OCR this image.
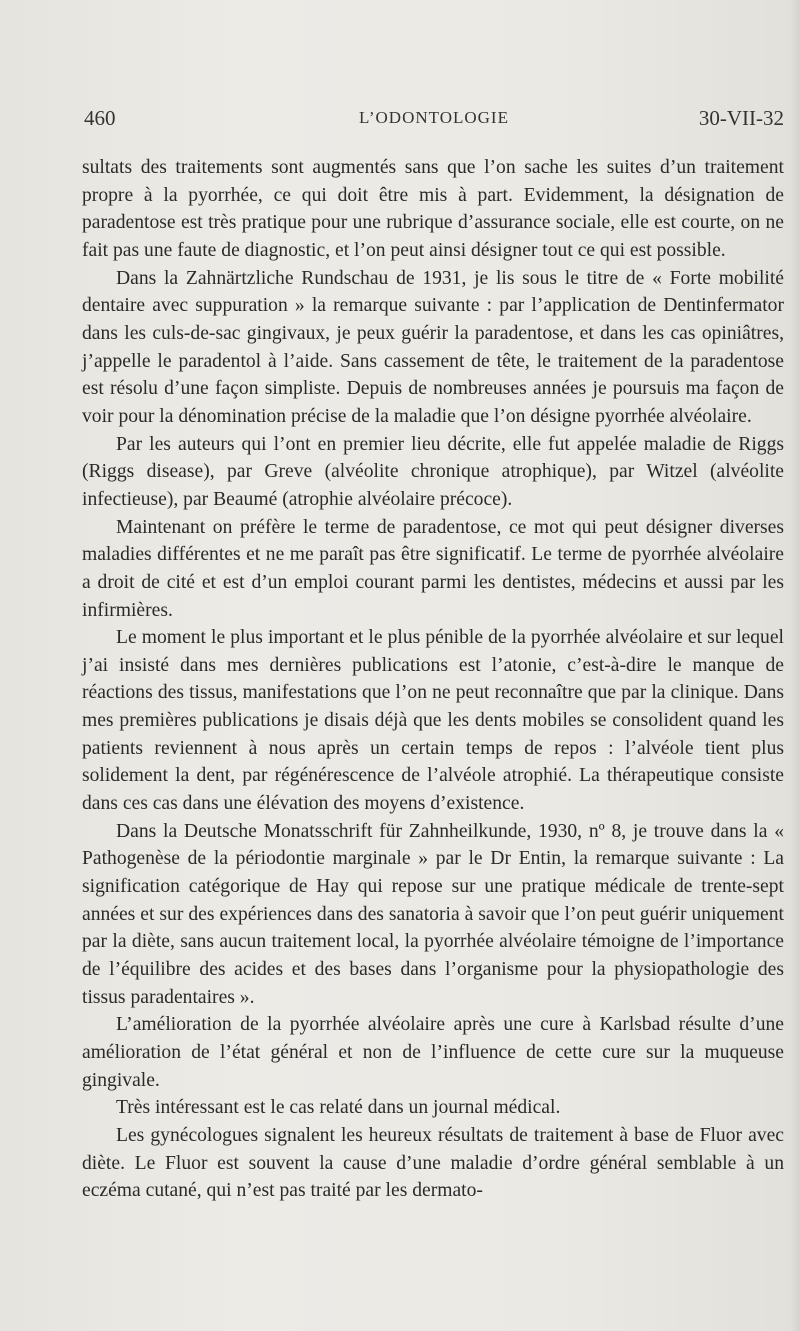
460	L’ODONTOLOGIE	30-VII-32

sultats des traitements sont augmentés sans que l’on sache les suites d’un traitement propre à la pyorrhée, ce qui doit être mis à part. Evidemment, la désignation de paradentose est très pratique pour une rubrique d’assurance sociale, elle est courte, on ne fait pas une faute de diagnostic, et l’on peut ainsi désigner tout ce qui est possible.

Dans la Zahnärtzliche Rundschau de 1931, je lis sous le titre de « Forte mobilité dentaire avec suppuration » la remarque suivante : par l’application de Dentinfermator dans les culs-de-sac gingivaux, je peux guérir la paradentose, et dans les cas opiniâtres, j’appelle le paradentol à l’aide. Sans cassement de tête, le traitement de la paradentose est résolu d’une façon simpliste. Depuis de nombreuses années je poursuis ma façon de voir pour la dénomination précise de la maladie que l’on désigne pyorrhée alvéolaire.

Par les auteurs qui l’ont en premier lieu décrite, elle fut appelée maladie de Riggs (Riggs disease), par Greve (alvéolite chronique atrophique), par Witzel (alvéolite infectieuse), par Beaumé (atrophie alvéolaire précoce).

Maintenant on préfère le terme de paradentose, ce mot qui peut désigner diverses maladies différentes et ne me paraît pas être significatif. Le terme de pyorrhée alvéolaire a droit de cité et est d’un emploi courant parmi les dentistes, médecins et aussi par les infirmières.

Le moment le plus important et le plus pénible de la pyorrhée alvéolaire et sur lequel j’ai insisté dans mes dernières publications est l’atonie, c’est-à-dire le manque de réactions des tissus, manifestations que l’on ne peut reconnaître que par la clinique. Dans mes premières publications je disais déjà que les dents mobiles se consolident quand les patients reviennent à nous après un certain temps de repos : l’alvéole tient plus solidement la dent, par régénérescence de l’alvéole atrophié. La thérapeutique consiste dans ces cas dans une élévation des moyens d’existence.

Dans la Deutsche Monatsschrift für Zahnheilkunde, 1930, nº 8, je trouve dans la « Pathogenèse de la périodontie marginale » par le Dr Entin, la remarque suivante : La signification catégorique de Hay qui repose sur une pratique médicale de trente-sept années et sur des expériences dans des sanatoria à savoir que l’on peut guérir uniquement par la diète, sans aucun traitement local, la pyorrhée alvéolaire témoigne de l’importance de l’équilibre des acides et des bases dans l’organisme pour la physiopathologie des tissus paradentaires ».

L’amélioration de la pyorrhée alvéolaire après une cure à Karlsbad résulte d’une amélioration de l’état général et non de l’influence de cette cure sur la muqueuse gingivale.

Très intéressant est le cas relaté dans un journal médical.

Les gynécologues signalent les heureux résultats de traitement à base de Fluor avec diète. Le Fluor est souvent la cause d’une maladie d’ordre général semblable à un eczéma cutané, qui n’est pas traité par les dermato-
